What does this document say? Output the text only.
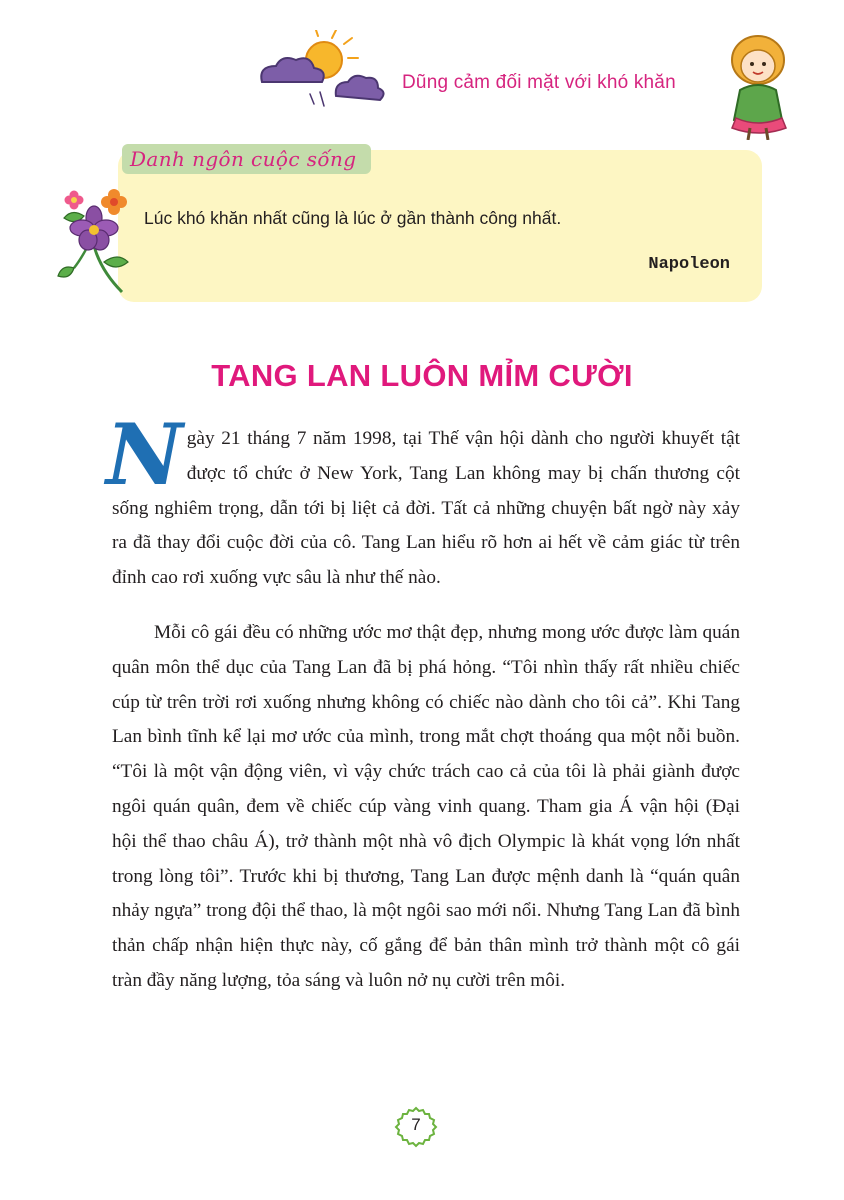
Dũng cảm đối mặt với khó khăn
Danh ngôn cuộc sống
Lúc khó khăn nhất cũng là lúc ở gần thành công nhất.
Napoleon
TANG LAN LUÔN MỈM CƯỜI

Ngày 21 tháng 7 năm 1998, tại Thế vận hội dành cho người khuyết tật được tổ chức ở New York, Tang Lan không may bị chấn thương cột sống nghiêm trọng, dẫn tới bị liệt cả đời. Tất cả những chuyện bất ngờ này xảy ra đã thay đổi cuộc đời của cô. Tang Lan hiểu rõ hơn ai hết về cảm giác từ trên đỉnh cao rơi xuống vực sâu là như thế nào.

Mỗi cô gái đều có những ước mơ thật đẹp, nhưng mong ước được làm quán quân môn thể dục của Tang Lan đã bị phá hỏng. “Tôi nhìn thấy rất nhiều chiếc cúp từ trên trời rơi xuống nhưng không có chiếc nào dành cho tôi cả”. Khi Tang Lan bình tĩnh kể lại mơ ước của mình, trong mắt chợt thoáng qua một nỗi buồn. “Tôi là một vận động viên, vì vậy chức trách cao cả của tôi là phải giành được ngôi quán quân, đem về chiếc cúp vàng vinh quang. Tham gia Á vận hội (Đại hội thể thao châu Á), trở thành một nhà vô địch Olympic là khát vọng lớn nhất trong lòng tôi”. Trước khi bị thương, Tang Lan được mệnh danh là “quán quân nhảy ngựa” trong đội thể thao, là một ngôi sao mới nổi. Nhưng Tang Lan đã bình thản chấp nhận hiện thực này, cố gắng để bản thân mình trở thành một cô gái tràn đầy năng lượng, tỏa sáng và luôn nở nụ cười trên môi.

7
